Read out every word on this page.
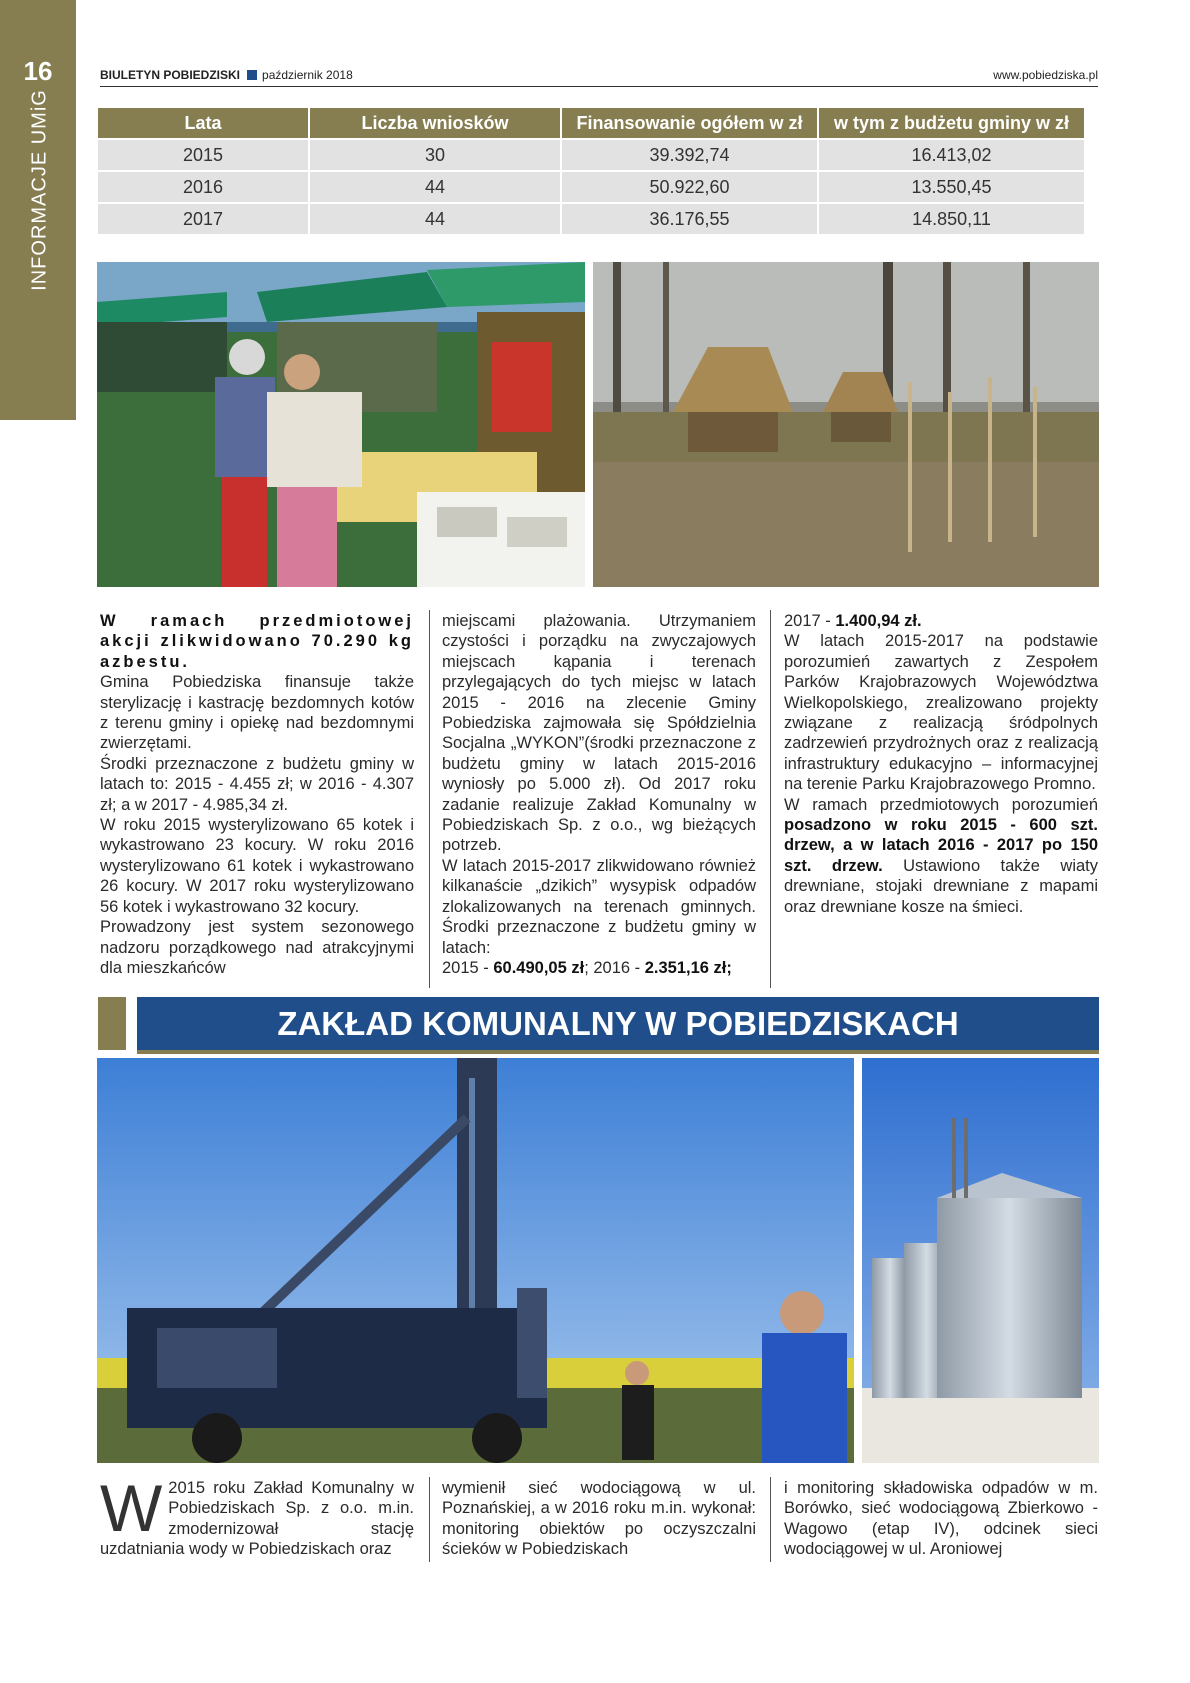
16
INFORMACJE UMiG
BIULETYN POBIEDZISKI październik 2018	www.pobiedziska.pl
Lata	Liczba wniosków	Finansowanie ogółem w zł	w tym z budżetu gminy w zł
2015	30	39.392,74	16.413,02
2016	44	50.922,60	13.550,45
2017	44	36.176,55	14.850,11
W ramach przedmiotowej akcji zlikwidowano 70.290 kg azbestu.
Gmina Pobiedziska finansuje także sterylizację i kastrację bezdomnych kotów z terenu gminy i opiekę nad bezdomnymi zwierzętami.
Środki przeznaczone z budżetu gminy w latach to: 2015 - 4.455 zł; w 2016 - 4.307 zł; a w 2017 - 4.985,34 zł.
W roku 2015 wysterylizowano 65 kotek i wykastrowano 23 kocury. W roku 2016 wysterylizowano 61 kotek i wykastrowano 26 kocury. W 2017 roku wysterylizowano 56 kotek i wykastrowano 32 kocury.
Prowadzony jest system sezonowego nadzoru porządkowego nad atrakcyjnymi dla mieszkańców
miejscami plażowania. Utrzymaniem czystości i porządku na zwyczajowych miejscach kąpania i terenach przylegających do tych miejsc w latach 2015 - 2016 na zlecenie Gminy Pobiedziska zajmowała się Spółdzielnia Socjalna „WYKON”(środki przeznaczone z budżetu gminy w latach 2015-2016 wyniosły po 5.000 zł). Od 2017 roku zadanie realizuje Zakład Komunalny w Pobiedziskach Sp. z o.o., wg bieżących potrzeb.
W latach 2015-2017 zlikwidowano również kilkanaście „dzikich” wysypisk odpadów zlokalizowanych na terenach gminnych. Środki przeznaczone z budżetu gminy w latach:
2015 - 60.490,05 zł; 2016 - 2.351,16 zł;
2017 - 1.400,94 zł.
W latach 2015-2017 na podstawie porozumień zawartych z Zespołem Parków Krajobrazowych Województwa Wielkopolskiego, zrealizowano projekty związane z realizacją śródpolnych zadrzewień przydrożnych oraz z realizacją infrastruktury edukacyjno – informacyjnej na terenie Parku Krajobrazowego Promno.
W ramach przedmiotowych porozumień posadzono w roku 2015 - 600 szt. drzew, a w latach 2016 - 2017 po 150 szt. drzew. Ustawiono także wiaty drewniane, stojaki drewniane z mapami oraz drewniane kosze na śmieci.
ZAKŁAD KOMUNALNY W POBIEDZISKACH
W 2015 roku Zakład Komunalny w Pobiedziskach Sp. z o.o. m.in. zmodernizował stację uzdatniania wody w Pobiedziskach oraz
wymienił sieć wodociągową w ul. Poznańskiej, a w 2016 roku m.in. wykonał: monitoring obiektów po oczyszczalni ścieków w Pobiedziskach
i monitoring składowiska odpadów w m. Borówko, sieć wodociągową Zbierkowo - Wagowo (etap IV), odcinek sieci wodociągowej w ul. Aroniowej
